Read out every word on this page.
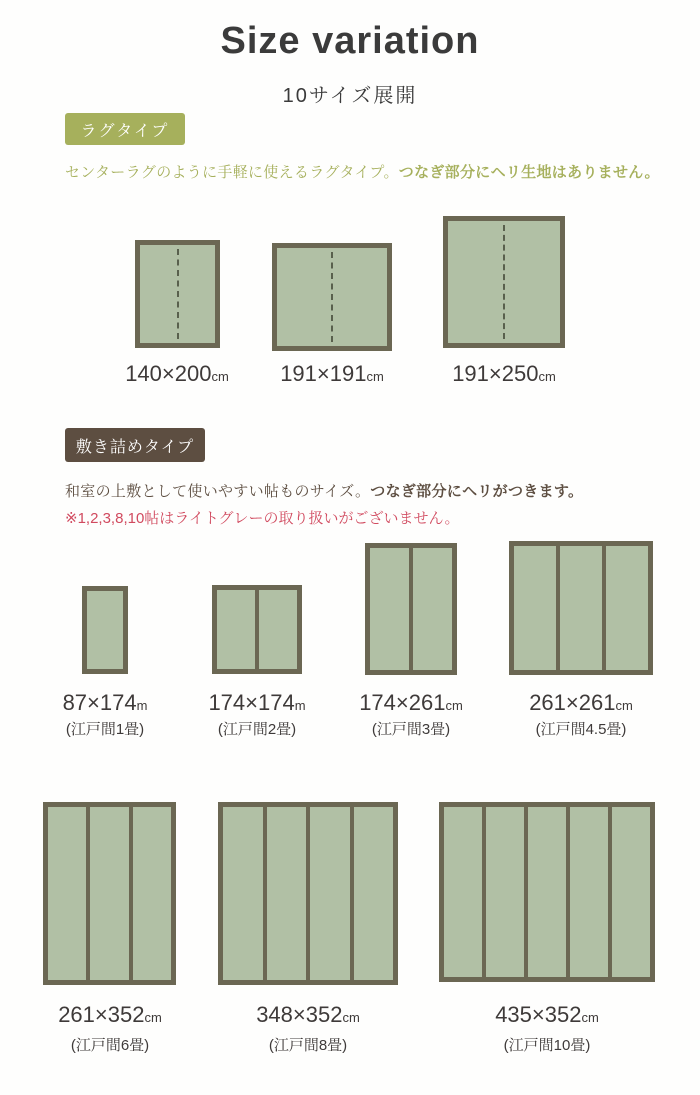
Size variation
10サイズ展開
ラグタイプ
センターラグのように手軽に使えるラグタイプ。つなぎ部分にヘリ生地はありません。
140×200cm	191×191cm	191×250cm
敷き詰めタイプ
和室の上敷として使いやすい帖ものサイズ。つなぎ部分にヘリがつきます。
※1,2,3,8,10帖はライトグレーの取り扱いがございません。
87×174m	174×174m	174×261cm	261×261cm
(江戸間1畳)	(江戸間2畳)	(江戸間3畳)	(江戸間4.5畳)
261×352cm	348×352cm	435×352cm
(江戸間6畳)	(江戸間8畳)	(江戸間10畳)
